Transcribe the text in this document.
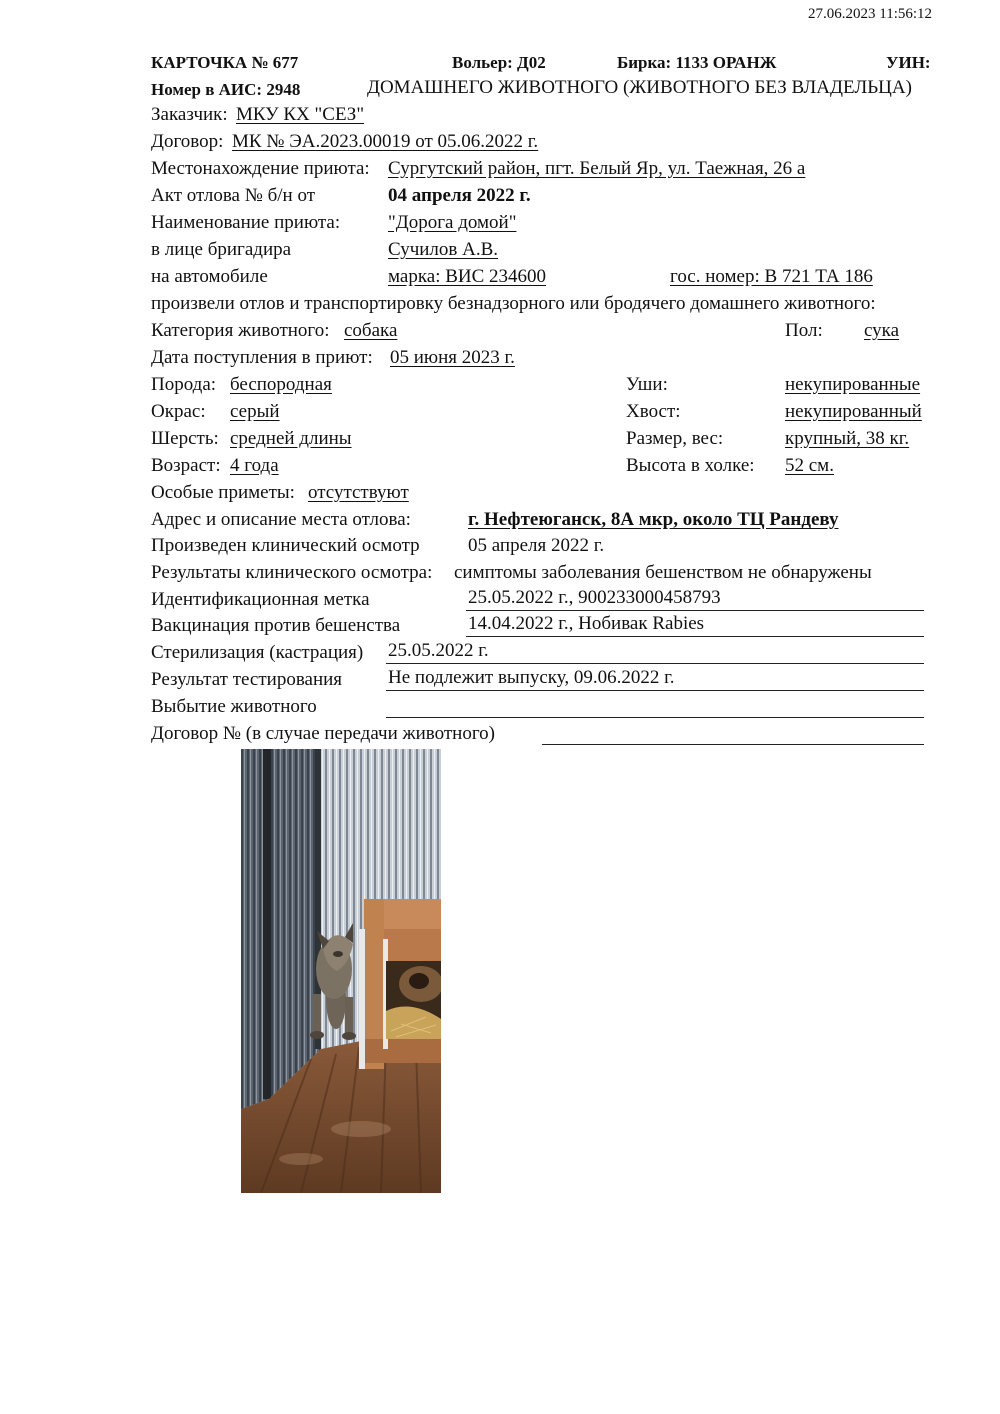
27.06.2023 11:56:12
КАРТОЧКА № 677	Вольер: Д02	Бирка: 1133 ОРАНЖ	УИН:
Номер в АИС: 2948	ДОМАШНЕГО ЖИВОТНОГО (ЖИВОТНОГО БЕЗ ВЛАДЕЛЬЦА)
Заказчик: МКУ КХ "СЕЗ"
Договор: МК № ЭА.2023.00019 от 05.06.2022 г.
Местонахождение приюта: Сургутский район, пгт. Белый Яр, ул. Таежная, 26 а
Акт отлова № б/н от	04 апреля 2022 г.
Наименование приюта:	"Дорога домой"
в лице бригадира	Сучилов А.В.
на автомобиле	марка: ВИС 234600	гос. номер: В 721 ТА 186
произвели отлов и транспортировку безнадзорного или бродячего домашнего животного:
Категория животного: собака	Пол: сука
Дата поступления в приют: 05 июня 2023 г.
Порода: беспородная	Уши:	некупированные
Окрас: серый	Хвост:	некупированный
Шерсть: средней длины	Размер, вес:	крупный, 38 кг.
Возраст: 4 года	Высота в холке: 52 см.
Особые приметы: отсутствуют
Адрес и описание места отлова:	г. Нефтеюганск, 8А мкр, около ТЦ Рандеву
Произведен клинический осмотр	05 апреля 2022 г.
Результаты клинического осмотра: симптомы заболевания бешенством не обнаружены
Идентификационная метка	25.05.2022 г., 900233000458793
Вакцинация против бешенства	14.04.2022 г., Нобивак Rabies
Стерилизация (кастрация) 25.05.2022 г.
Результат тестирования Не подлежит выпуску, 09.06.2022 г.
Выбытие животного
Договор № (в случае передачи животного)
